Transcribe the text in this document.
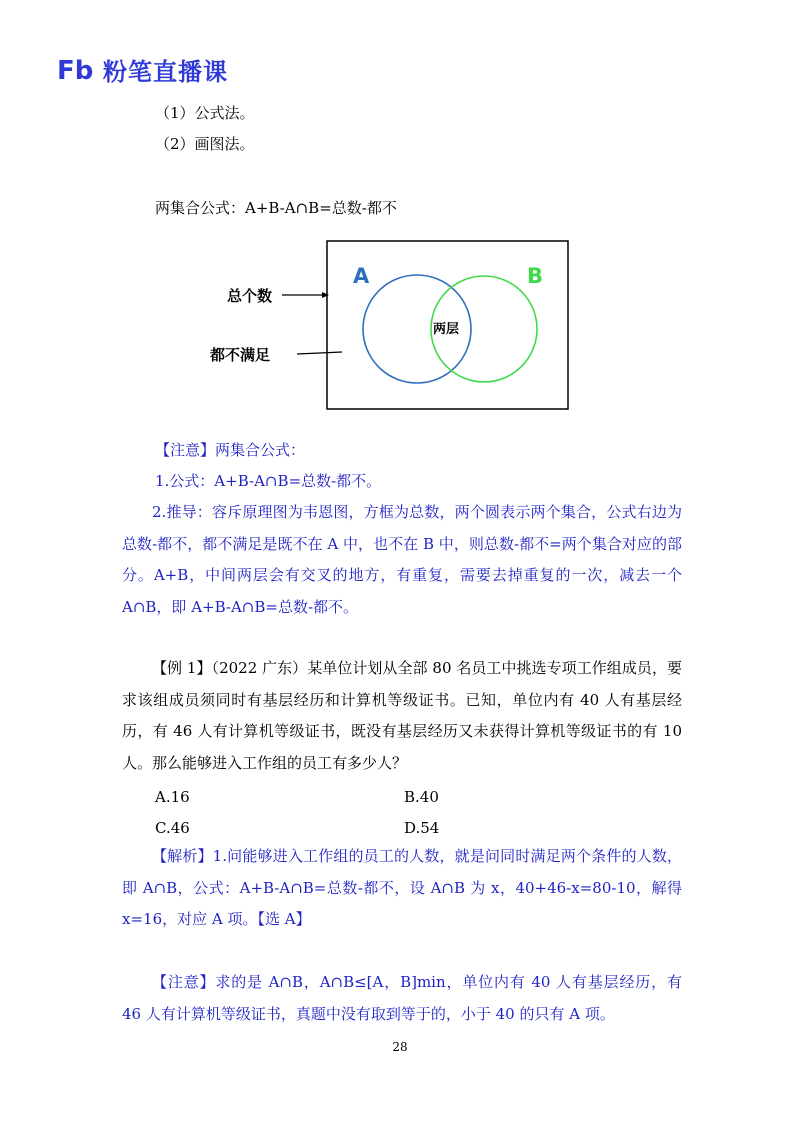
Fb 粉笔直播课
（1）公式法。
（2）画图法。
两集合公式：A+B-A∩B=总数-都不
A	B
两层
总个数
都不满足
【注意】两集合公式：
1.公式：A+B-A∩B=总数-都不。
2.推导：容斥原理图为韦恩图，方框为总数，两个圆表示两个集合，公式右边为总数-都不，都不满足是既不在 A 中，也不在 B 中，则总数-都不=两个集合对应的部分。A+B，中间两层会有交叉的地方，有重复，需要去掉重复的一次，减去一个 A∩B，即 A+B-A∩B=总数-都不。
【例 1】（2022 广东）某单位计划从全部 80 名员工中挑选专项工作组成员，要求该组成员须同时有基层经历和计算机等级证书。已知，单位内有 40 人有基层经历，有 46 人有计算机等级证书，既没有基层经历又未获得计算机等级证书的有 10 人。那么能够进入工作组的员工有多少人？
A.16	B.40
C.46	D.54
【解析】1.问能够进入工作组的员工的人数，就是问同时满足两个条件的人数，即 A∩B，公式：A+B-A∩B=总数-都不，设 A∩B 为 x，40+46-x=80-10，解得 x=16，对应 A 项。【选 A】
【注意】求的是 A∩B，A∩B≤[A，B]min，单位内有 40 人有基层经历，有 46 人有计算机等级证书，真题中没有取到等于的，小于 40 的只有 A 项。
28
